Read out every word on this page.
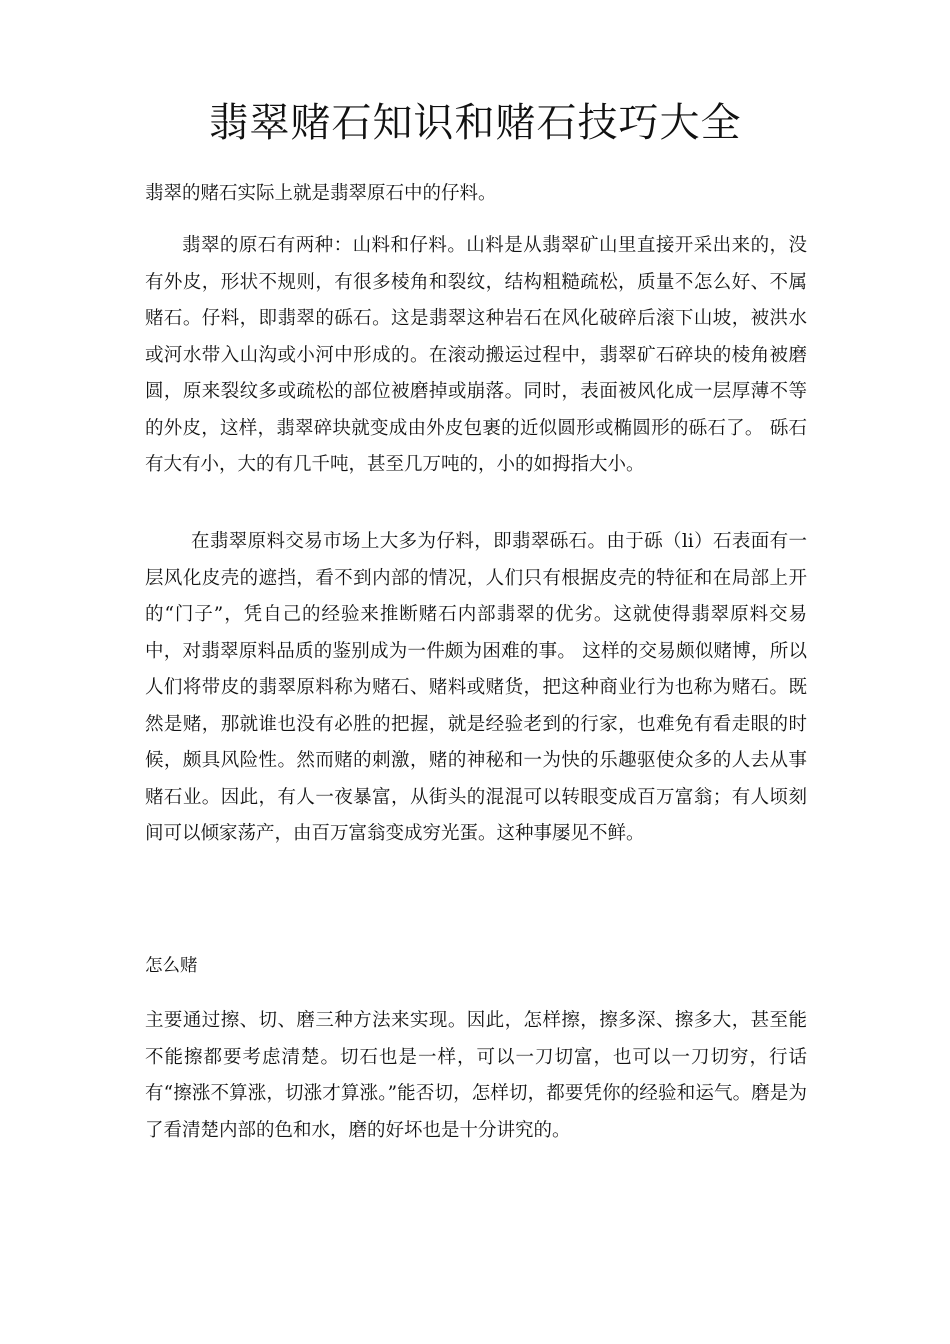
翡翠赌石知识和赌石技巧大全

翡翠的赌石实际上就是翡翠原石中的仔料。

翡翠的原石有两种：山料和仔料。山料是从翡翠矿山里直接开采出来的，没有外皮，形状不规则，有很多棱角和裂纹，结构粗糙疏松，质量不怎么好、不属赌石。仔料，即翡翠的砾石。这是翡翠这种岩石在风化破碎后滚下山坡，被洪水或河水带入山沟或小河中形成的。在滚动搬运过程中，翡翠矿石碎块的棱角被磨圆，原来裂纹多或疏松的部位被磨掉或崩落。同时，表面被风化成一层厚薄不等的外皮，这样，翡翠碎块就变成由外皮包裹的近似圆形或椭圆形的砾石了。 砾石有大有小，大的有几千吨，甚至几万吨的，小的如拇指大小。

在翡翠原料交易市场上大多为仔料，即翡翠砾石。由于砾（li）石表面有一层风化皮壳的遮挡，看不到内部的情况，人们只有根据皮壳的特征和在局部上开的“门子”，凭自己的经验来推断赌石内部翡翠的优劣。这就使得翡翠原料交易中，对翡翠原料品质的鉴别成为一件颇为困难的事。 这样的交易颇似赌博，所以人们将带皮的翡翠原料称为赌石、赌料或赌货，把这种商业行为也称为赌石。既然是赌，那就谁也没有必胜的把握，就是经验老到的行家，也难免有看走眼的时候，颇具风险性。然而赌的刺激，赌的神秘和一为快的乐趣驱使众多的人去从事赌石业。因此，有人一夜暴富，从街头的混混可以转眼变成百万富翁；有人顷刻间可以倾家荡产，由百万富翁变成穷光蛋。这种事屡见不鲜。

怎么赌

主要通过擦、切、磨三种方法来实现。因此，怎样擦，擦多深、擦多大，甚至能不能擦都要考虑清楚。切石也是一样，可以一刀切富，也可以一刀切穷，行话有“擦涨不算涨，切涨才算涨。”能否切，怎样切，都要凭你的经验和运气。磨是为了看清楚内部的色和水，磨的好坏也是十分讲究的。
